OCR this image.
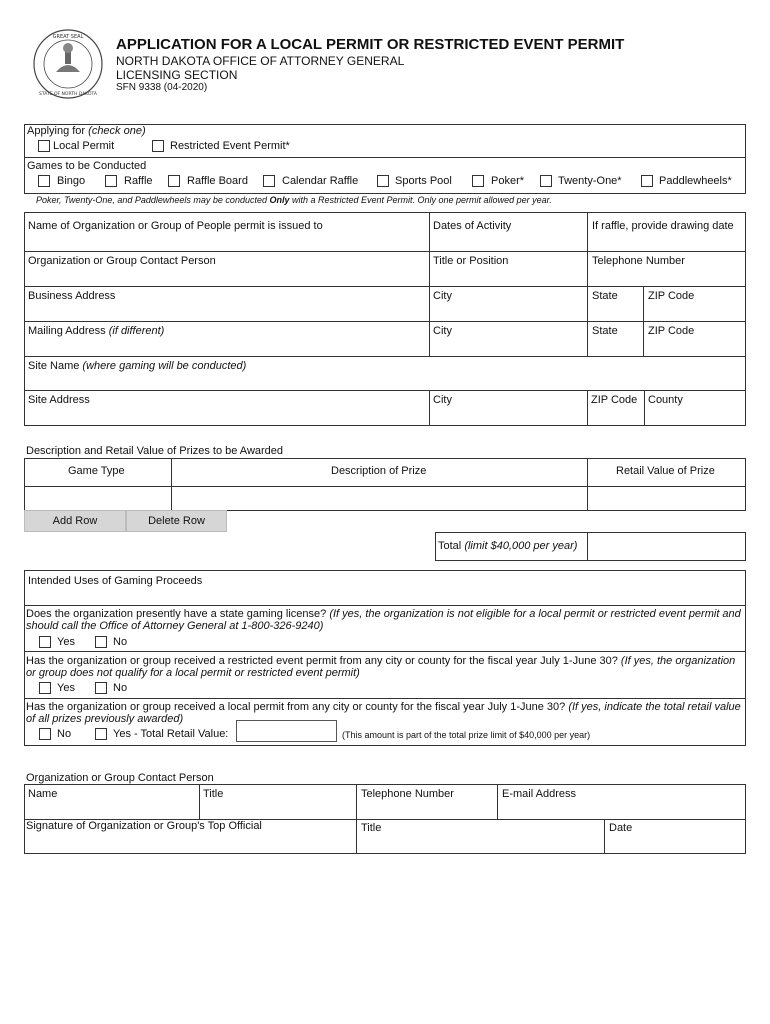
GREAT SEAL
STATE OF NORTH DAKOTA
APPLICATION FOR A LOCAL PERMIT OR RESTRICTED EVENT PERMIT
NORTH DAKOTA OFFICE OF ATTORNEY GENERAL
LICENSING SECTION
SFN 9338 (04-2020)
Applying for (check one)
Local Permit	Restricted Event Permit*
Games to be Conducted
Bingo	Raffle	Raffle Board	Calendar Raffle	Sports Pool	Poker*	Twenty-One*	Paddlewheels*
Poker, Twenty-One, and Paddlewheels may be conducted Only with a Restricted Event Permit. Only one permit allowed per year.
Name of Organization or Group of People permit is issued to	Dates of Activity	If raffle, provide drawing date
Organization or Group Contact Person	Title or Position	Telephone Number
Business Address	City	State	ZIP Code
Mailing Address (if different)	City	State	ZIP Code
Site Name (where gaming will be conducted)
Site Address	City	ZIP Code County
Description and Retail Value of Prizes to be Awarded
Game Type	Description of Prize	Retail Value of Prize
Add Row	Delete Row
Total (limit $40,000 per year)
Intended Uses of Gaming Proceeds
Does the organization presently have a state gaming license? (If yes, the organization is not eligible for a local permit or restricted event permit and should call the Office of Attorney General at 1-800-326-9240)
Yes	No
Has the organization or group received a restricted event permit from any city or county for the fiscal year July 1-June 30? (If yes, the organization or group does not qualify for a local permit or restricted event permit)
Yes	No
Has the organization or group received a local permit from any city or county for the fiscal year July 1-June 30? (If yes, indicate the total retail value of all prizes previously awarded)
No	Yes - Total Retail Value:	(This amount is part of the total prize limit of $40,000 per year)
Organization or Group Contact Person
Name	Title	Telephone Number	E-mail Address
Signature of Organization or Group's Top Official	Title	Date
